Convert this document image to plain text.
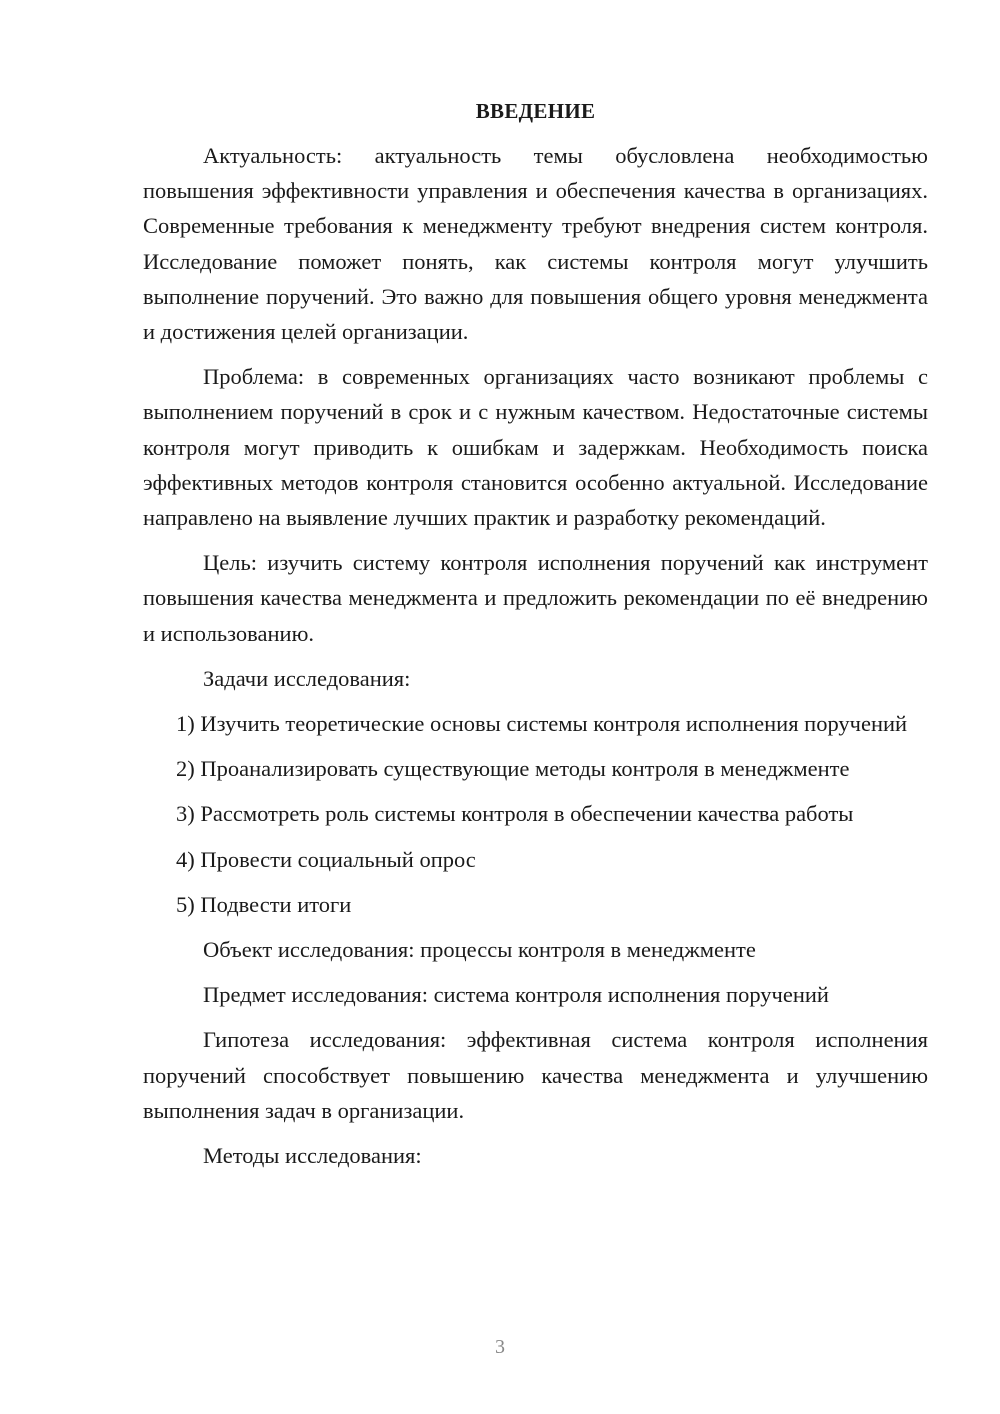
ВВЕДЕНИЕ

Актуальность: актуальность темы обусловлена необходимостью повышения эффективности управления и обеспечения качества в организациях. Современные требования к менеджменту требуют внедрения систем контроля. Исследование поможет понять, как системы контроля могут улучшить выполнение поручений. Это важно для повышения общего уровня менеджмента и достижения целей организации.

Проблема: в современных организациях часто возникают проблемы с выполнением поручений в срок и с нужным качеством. Недостаточные системы контроля могут приводить к ошибкам и задержкам. Необходимость поиска эффективных методов контроля становится особенно актуальной. Исследование направлено на выявление лучших практик и разработку рекомендаций.

Цель: изучить систему контроля исполнения поручений как инструмент повышения качества менеджмента и предложить рекомендации по её внедрению и использованию.

Задачи исследования:

1) Изучить теоретические основы системы контроля исполнения поручений

2) Проанализировать существующие методы контроля в менеджменте

3) Рассмотреть роль системы контроля в обеспечении качества работы

4) Провести социальный опрос

5) Подвести итоги

Объект исследования: процессы контроля в менеджменте

Предмет исследования: система контроля исполнения поручений

Гипотеза исследования: эффективная система контроля исполнения поручений способствует повышению качества менеджмента и улучшению выполнения задач в организации.

Методы исследования:

3
